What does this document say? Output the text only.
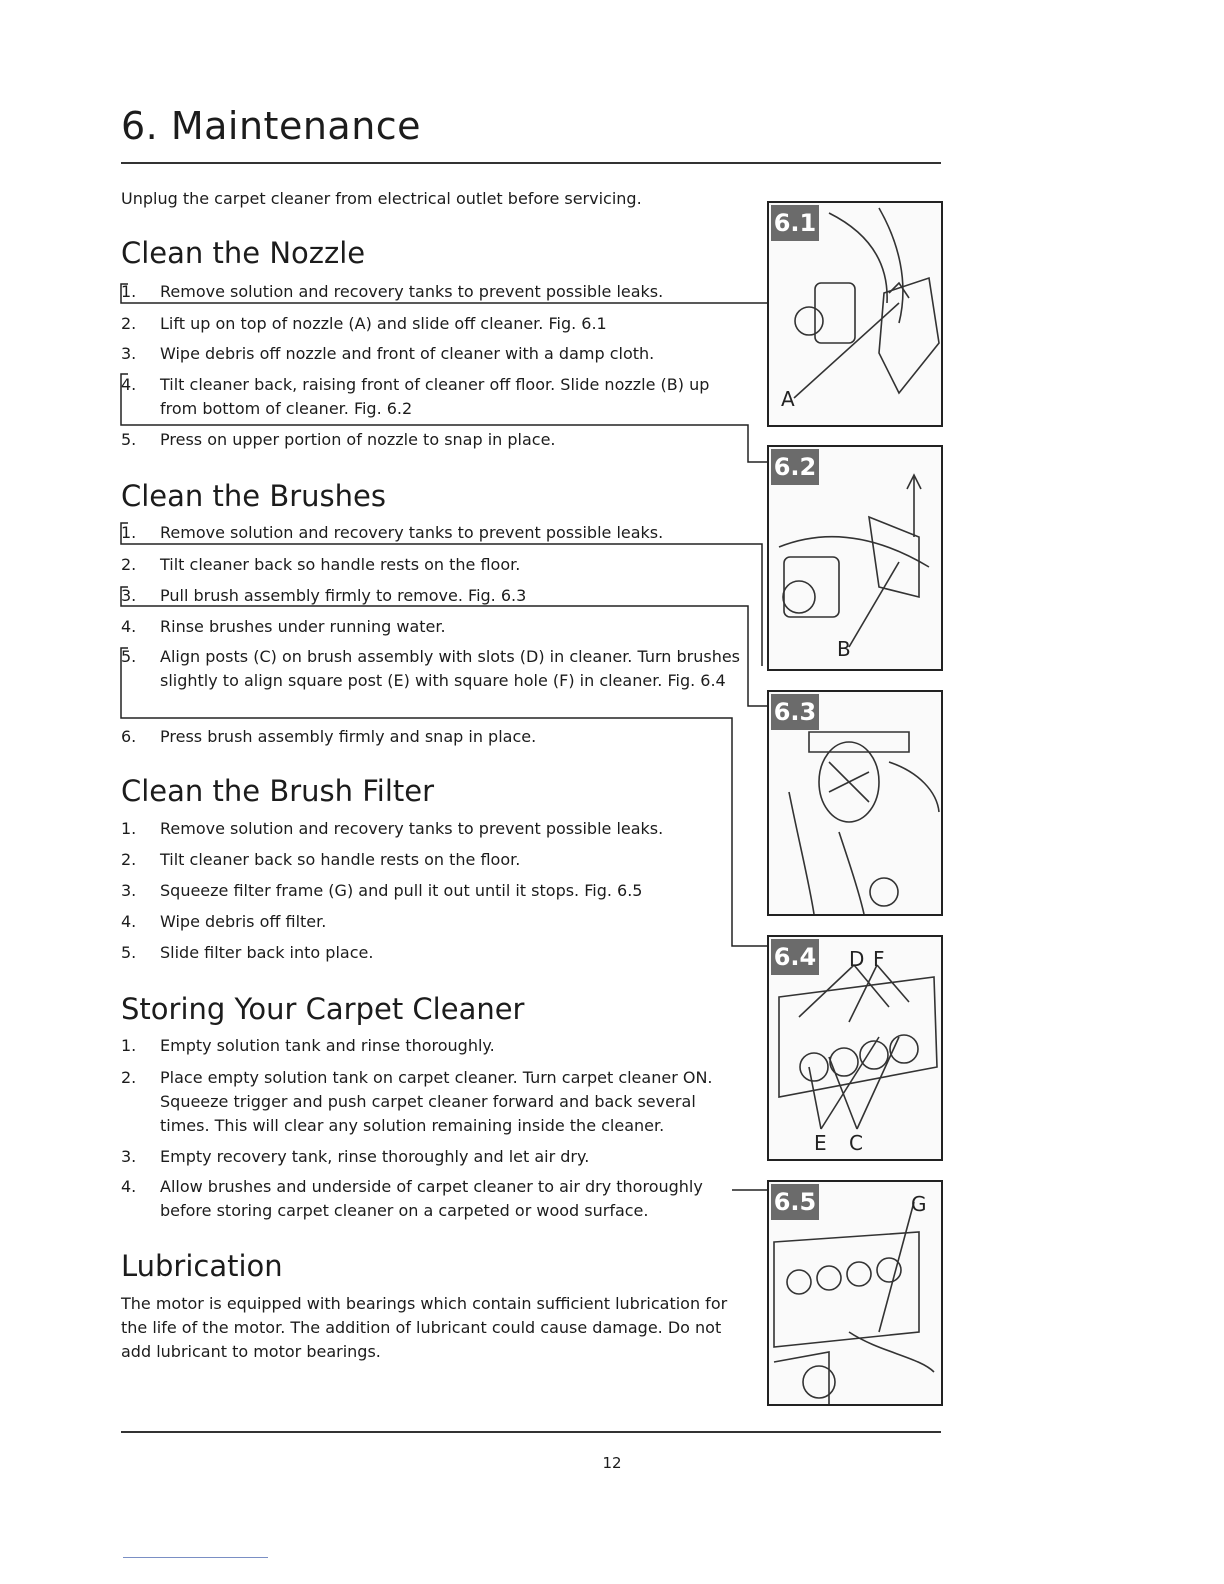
6. Maintenance
Unplug the carpet cleaner from electrical outlet before servicing.
Clean the Nozzle
1.	Remove solution and recovery tanks to prevent possible leaks.
2.	Lift up on top of nozzle (A) and slide off cleaner. Fig. 6.1
3.	Wipe debris off nozzle and front of cleaner with a damp cloth.
4.	Tilt cleaner back, raising front of cleaner off floor. Slide nozzle (B) up from bottom of cleaner. Fig. 6.2
5.	Press on upper portion of nozzle to snap in place.
Clean the Brushes
1.	Remove solution and recovery tanks to prevent possible leaks.
2.	Tilt cleaner back so handle rests on the floor.
3.	Pull brush assembly firmly to remove. Fig. 6.3
4.	Rinse brushes under running water.
5.	Align posts (C) on brush assembly with slots (D) in cleaner. Turn brushes slightly to align square post (E) with square hole (F) in cleaner. Fig. 6.4
6.	Press brush assembly firmly and snap in place.
Clean the Brush Filter
1.	Remove solution and recovery tanks to prevent possible leaks.
2.	Tilt cleaner back so handle rests on the floor.
3.	Squeeze filter frame (G) and pull it out until it stops. Fig. 6.5
4.	Wipe debris off filter.
5.	Slide filter back into place.
Storing Your Carpet Cleaner
1.	Empty solution tank and rinse thoroughly.
2.	Place empty solution tank on carpet cleaner. Turn carpet cleaner ON. Squeeze trigger and push carpet cleaner forward and back several times. This will clear any solution remaining inside the cleaner.
3.	Empty recovery tank, rinse thoroughly and let air dry.
4.	Allow brushes and underside of carpet cleaner to air dry thoroughly before storing carpet cleaner on a carpeted or wood surface.
Lubrication
The motor is equipped with bearings which contain sufficient lubrication for the life of the motor. The addition of lubricant could cause damage. Do not add lubricant to motor bearings.
6.1
A
6.2
B
6.3
6.4 D F
E C
6.5	G
12
